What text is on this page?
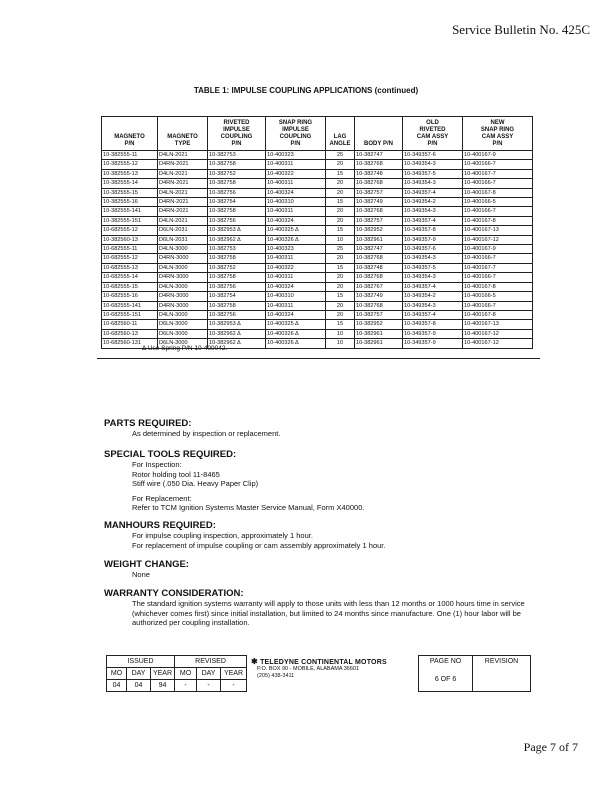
Service Bulletin No. 425C
TABLE 1: IMPULSE COUPLING APPLICATIONS (continued)
MAGNETO
P/N	MAGNETO
TYPE	RIVETED
IMPULSE
COUPLING
P/N	SNAP RING
IMPULSE
COUPLING
P/N	LAG
ANGLE	BODY P/N	OLD
RIVETED
CAM ASSY
P/N	NEW
SNAP RING
CAM ASSY
P/N
10-382555-11	D4LN-2021	10-382753	10-400323	25	10-382747	10-349357-6	10-400167-9
10-382555-12	D4RN-2021	10-382758	10-400311	20	10-382768	10-349354-3	10-400166-7
10-382555-13	D4LN-2021	10-382752	10-400322	15	10-382748	10-349357-5	10-400167-7
10-382555-14	D4RN-2021	10-382758	10-400311	20	10-382768	10-349354-3	10-400166-7
10-382555-15	D4LN-2021	10-382756	10-400324	20	10-382757	10-349357-4	10-400167-8
10-382555-16	D4RN-2021	10-382754	10-400310	15	10-382749	10-349354-2	10-400166-5
10-382555-141	D4RN-2021	10-382758	10-400311	20	10-382768	10-349354-3	10-400166-7
10-382555-151	D4LN-2021	10-382756	10-400324	20	10-382757	10-349357-4	10-400167-8
10-682555-12	D6LN-2031	10-382953 Δ	10-400325 Δ	15	10-382952	10-349357-8	10-400167-13
10-382560-13	D6LN-2031	10-382962 Δ	10-400326 Δ	10	10-382961	10-349357-9	10-400167-12
10-682555-11	D4LN-3000	10-382753	10-400323	25	10-382747	10-349357-6	10-400167-9
10-682555-12	D4RN-3000	10-382758	10-400311	20	10-382768	10-349354-3	10-400166-7
10-682555-13	D4LN-3000	10-382752	10-400322	15	10-382748	10-349357-5	10-400167-7
10-682555-14	D4RN-3000	10-382758	10-400311	20	10-382768	10-349354-3	10-400166-7
10-682555-15	D4LN-3000	10-382756	10-400324	20	10-382767	10-349357-4	10-400167-8
10-682555-16	D4RN-3000	10-382754	10-400310	15	10-382749	10-349354-2	10-400166-5
10-682555-141	D4RN-3000	10-382758	10-400311	20	10-382768	10-349354-3	10-400166-7
10-682555-151	D4LN-3000	10-382756	10-400324	20	10-382757	10-349357-4	10-400167-8
10-682560-11	D6LN-3000	10-382953 Δ	10-400325 Δ	15	10-382952	10-349357-8	10-400167-13
10-682560-13	D6LN-3000	10-382962 Δ	10-400326 Δ	10	10-382961	10-349357-9	10-400167-12
10-682560-131	D6LN-3000	10-382962 Δ	10-400326 Δ	10	10-382961	10-349357-9	10-400167-12
Δ Use Spring P/N 10-400042.
PARTS REQUIRED:
As determined by inspection or replacement.
SPECIAL TOOLS REQUIRED:
For Inspection:
Rotor holding tool 11-8465
Stiff wire (.050 Dia. Heavy Paper Clip)
For Replacement:
Refer to TCM Ignition Systems Master Service Manual, Form X40000.
MANHOURS REQUIRED:
For impulse coupling inspection, approximately 1 hour.
For replacement of impulse coupling or cam assembly approximately 1 hour.
WEIGHT CHANGE:
None
WARRANTY CONSIDERATION:
The standard ignition systems warranty will apply to those units with less than 12 months or 1000 hours time in service (whichever comes first) since initial installation, but limited to 24 months since manufacture. One (1) hour labor will be authorized per coupling installation.
ISSUED			REVISED			✱ TELEDYNE CONTINENTAL MOTORS
P.O. BOX 90 - MOBILE, ALABAMA 36601
(205) 438-3411	PAGE NO	REVISION
MO	DAY	YEAR	MO	DAY	YEAR		6 OF 6	
04	04	94	-	-	-			
Page 7 of 7
